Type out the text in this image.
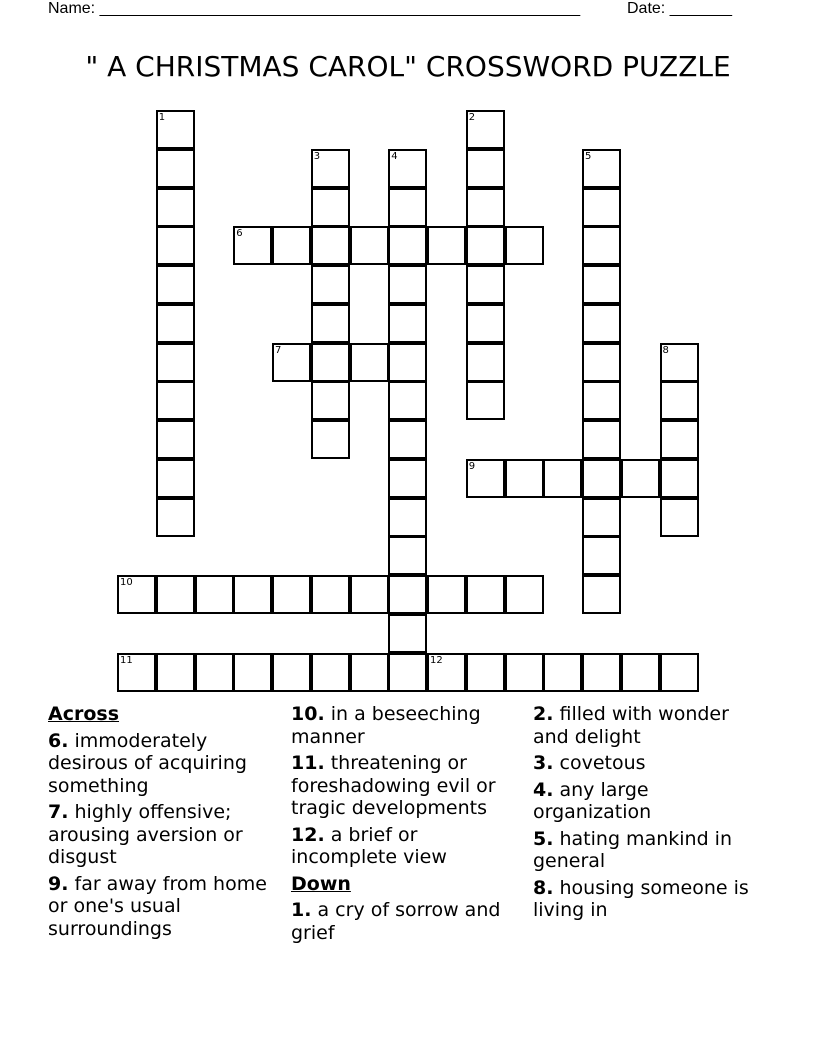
Name: ______________________________________________________	Date: _______
" A CHRISTMAS CAROL" CROSSWORD PUZZLE
1	2
3	4	5
6
7	8
9
10
11	12
Across
6. immoderately desirous of acquiring something
7. highly offensive; arousing aversion or disgust
9. far away from home or one's usual surroundings
10. in a beseeching manner
11. threatening or foreshadowing evil or tragic developments
12. a brief or incomplete view
Down
1. a cry of sorrow and grief
2. filled with wonder and delight
3. covetous
4. any large organization
5. hating mankind in general
8. housing someone is living in
